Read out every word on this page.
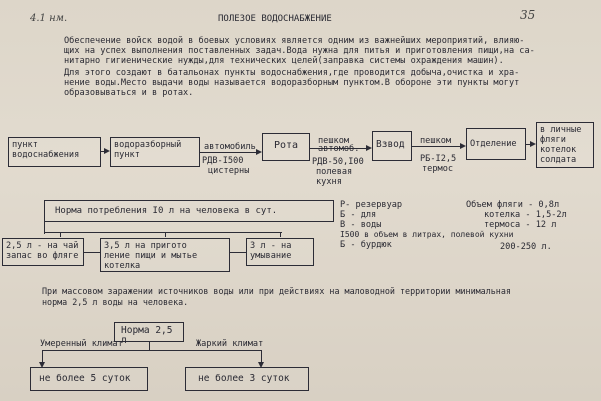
4.1 нм.	ПОЛЕЗОЕ ВОДОСНАБЖЕНИЕ	35
Обеспечение войск водой в боевых условиях является одним из важнейших мероприятий, влияю-
щих на успех выполнения поставленных задач.Вода нужна для питья и приготовления пищи,на са-
нитарно гигиенические нужды,для технических целей(заправка системы охраждения машин).
Для этого создают в батальонах пункты водоснабжения,где проводится добыча,очистка и хра-
нение воды.Место выдачи воды называется водоразборным пунктом.В обороне эти пункты могут
образовываться и в ротах.
пункт
водоснабжения
водоразборный
пункт
автомобиль
РДВ-I500
цистерны
Рота	пешком
автомоб.
РДВ-50,I00
полевая
кухня
Взвод	пешком
РБ-I2,5
термос
Отделение
в личные
фляги
котелок
солдата
Норма потребления I0 л на человека в сут.
2,5 л - на чай
запас во фляге
3,5 л на пригото
ление пищи и мытье
котелка
3 л - на
умывание
Р- резервуар
Б - для
В - воды
I500 в объем в литрах, полевой кухни
Б - бурдюк
Объем фляги - 0,8л
котелка - 1,5-2л
термоса - 12 л
200-250 л.
При массовом заражении источников воды или при действиях на маловодной территории минимальная
норма 2,5 л воды на человека.
Норма 2,5 л
Умеренный климат	Жаркий климат
не более 5 суток	не более 3 суток
